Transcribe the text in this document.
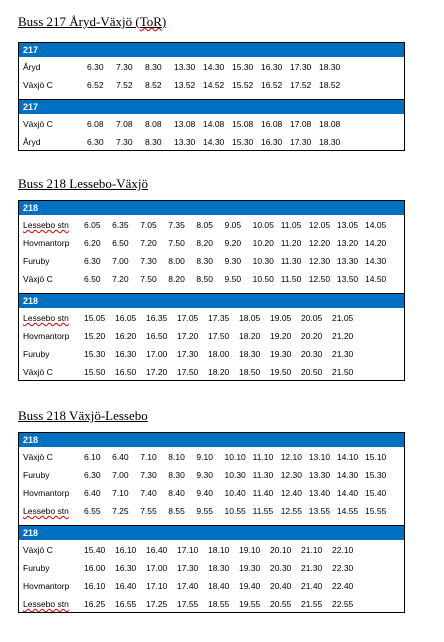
Buss 217 Åryd-Växjö (ToR)
217
Åryd	6.30 7.30 8.30 13.30 14.30 15.30 16.30 17.30 18.30
Växjö C	6.52 7.52 8.52 13.52 14.52 15.52 16.52 17.52 18.52
217
Växjö C	6.08 7.08 8.08 13.08 14.08 15.08 16.08 17.08 18.08
Åryd	6.30 7.30 8.30 13.30 14.30 15.30 16.30 17.30 18.30
Buss 218 Lessebo-Växjö
218
Lessebo stn 6.05 6.35 7.05 7.35 8.05 9.05 10.05 11.05 12.05 13.05 14.05
Hovmantorp 6.20 6.50 7.20 7.50 8.20 9.20 10.20 11.20 12.20 13.20 14.20
Furuby	6.30 7.00 7.30 8.00 8.30 9.30 10.30 11.30 12.30 13.30 14.30
Växjö C	6.50 7.20 7.50 8.20 8.50 9.50 10.50 11.50 12.50 13.50 14.50
218
Lessebo stn 15.05 16.05 16.35 17.05 17.35 18.05 19.05 20.05 21.05
Hovmantorp 15.20 16.20 16.50 17.20 17.50 18.20 19.20 20.20 21.20
Furuby	15.30 16.30 17.00 17.30 18.00 18.30 19.30 20.30 21.30
Växjö C	15.50 16.50 17.20 17.50 18.20 18.50 19.50 20.50 21.50
Buss 218 Växjö-Lessebo
218
Växjö C	6.10 6.40 7.10 8.10 9.10 10.10 11.10 12.10 13.10 14.10 15.10
Furuby	6.30 7.00 7.30 8.30 9.30 10.30 11.30 12.30 13.30 14.30 15.30
Hovmantorp 6.40 7.10 7.40 8.40 9.40 10.40 11.40 12.40 13.40 14.40 15.40
Lessebo stn 6.55 7.25 7.55 8.55 9.55 10.55 11.55 12.55 13.55 14.55 15.55
218
Växjö C	15.40 16.10 16.40 17.10 18.10 19.10 20.10 21.10 22.10
Furuby	16.00 16.30 17.00 17.30 18.30 19.30 20.30 21.30 22.30
Hovmantorp 16.10 16.40 17.10 17.40 18.40 19.40 20.40 21.40 22.40
Lessebo stn 16.25 16.55 17.25 17.55 18.55 19.55 20.55 21.55 22.55
